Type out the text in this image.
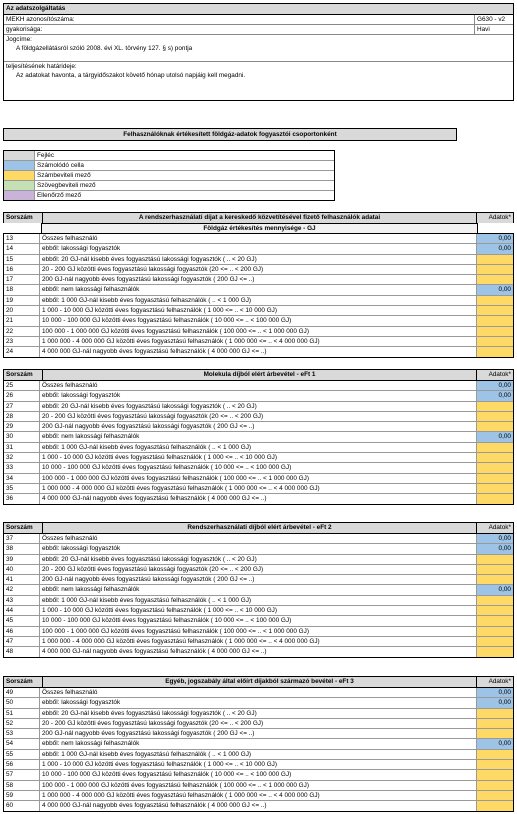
Az adatszolgáltatás
MEKH azonosítószáma:	G630 - v2
gyakorisága:	Havi
Jogcíme:
A földgázellátásról szóló 2008. évi XL. törvény 127. § s) pontja
teljesítésének határideje:
Az adatokat havonta, a tárgyidőszakot követő hónap utolsó napjáig kell megadni.
Felhasználóknak értékesített földgáz-adatok fogyasztói csoportonként
Fejléc
Számolódó cella
Számbeviteli mező
Szövegbeviteli mező
Ellenőrző mező
Sorszám	A rendszerhasználati díjat a kereskedő közvetítésével fizető felhasználók adatai	Adatok*
Földgáz értékesítés mennyisége - GJ
13	Összes felhasználó	0,00
14	ebből: lakossági fogyasztók	0,00
15	ebből: 20 GJ-nál kisebb éves fogyasztású lakossági fogyasztók ( .. < 20 GJ)
16	20 - 200 GJ közötti éves fogyasztású lakossági fogyasztók (20 <= .. < 200 GJ)
17	200 GJ-nál nagyobb éves fogyasztású lakossági fogyasztók ( 200 GJ <= ..)
18	ebből: nem lakossági felhasználók	0,00
19	ebből: 1 000 GJ-nál kisebb éves fogyasztású felhasználók ( .. < 1 000 GJ)
20	1 000 - 10 000 GJ közötti éves fogyasztású felhasználók ( 1 000 <= .. < 10 000 GJ)
21	10 000 - 100 000 GJ közötti éves fogyasztású felhasználók ( 10 000 <= .. < 100 000 GJ)
22	100 000 - 1 000 000 GJ közötti éves fogyasztású felhasználók ( 100 000 <= .. < 1 000 000 GJ)
23	1 000 000 - 4 000 000 GJ közötti éves fogyasztású felhasználók ( 1 000 000 <= .. < 4 000 000 GJ)
24	4 000 000 GJ-nál nagyobb éves fogyasztású felhasználók ( 4 000 000 GJ <= ..)
Sorszám	Molekula díjból elért árbevétel - eFt 1	Adatok*
25	Összes felhasználó	0,00
26	ebből: lakossági fogyasztók	0,00
27	ebből: 20 GJ-nál kisebb éves fogyasztású lakossági fogyasztók ( .. < 20 GJ)
28	20 - 200 GJ közötti éves fogyasztású lakossági fogyasztók (20 <= .. < 200 GJ)
29	200 GJ-nál nagyobb éves fogyasztású lakossági fogyasztók ( 200 GJ <= ..)
30	ebből: nem lakossági felhasználók	0,00
31	ebből: 1 000 GJ-nál kisebb éves fogyasztású felhasználók ( .. < 1 000 GJ)
32	1 000 - 10 000 GJ közötti éves fogyasztású felhasználók ( 1 000 <= .. < 10 000 GJ)
33	10 000 - 100 000 GJ közötti éves fogyasztású felhasználók ( 10 000 <= .. < 100 000 GJ)
34	100 000 - 1 000 000 GJ közötti éves fogyasztású felhasználók ( 100 000 <= .. < 1 000 000 GJ)
35	1 000 000 - 4 000 000 GJ közötti éves fogyasztású felhasználók ( 1 000 000 <= .. < 4 000 000 GJ)
36	4 000 000 GJ-nál nagyobb éves fogyasztású felhasználók ( 4 000 000 GJ <= ..)
Sorszám	Rendszerhasználati díjból elért árbevétel - eFt 2	Adatok*
37	Összes felhasználó	0,00
38	ebből: lakossági fogyasztók	0,00
39	ebből: 20 GJ-nál kisebb éves fogyasztású lakossági fogyasztók ( .. < 20 GJ)
40	20 - 200 GJ közötti éves fogyasztású lakossági fogyasztók (20 <= .. < 200 GJ)
41	200 GJ-nál nagyobb éves fogyasztású lakossági fogyasztók ( 200 GJ <= ..)
42	ebből: nem lakossági felhasználók	0,00
43	ebből: 1 000 GJ-nál kisebb éves fogyasztású felhasználók ( .. < 1 000 GJ)
44	1 000 - 10 000 GJ közötti éves fogyasztású felhasználók ( 1 000 <= .. < 10 000 GJ)
45	10 000 - 100 000 GJ közötti éves fogyasztású felhasználók ( 10 000 <= .. < 100 000 GJ)
46	100 000 - 1 000 000 GJ közötti éves fogyasztású felhasználók ( 100 000 <= .. < 1 000 000 GJ)
47	1 000 000 - 4 000 000 GJ közötti éves fogyasztású felhasználók ( 1 000 000 <= .. < 4 000 000 GJ)
48	4 000 000 GJ-nál nagyobb éves fogyasztású felhasználók ( 4 000 000 GJ <= ..)
Sorszám	Egyéb, jogszabály által előírt díjakból származó bevétel - eFt 3	Adatok*
49	Összes felhasználó	0,00
50	ebből: lakossági fogyasztók	0,00
51	ebből: 20 GJ-nál kisebb éves fogyasztású lakossági fogyasztók ( .. < 20 GJ)
52	20 - 200 GJ közötti éves fogyasztású lakossági fogyasztók (20 <= .. < 200 GJ)
53	200 GJ-nál nagyobb éves fogyasztású lakossági fogyasztók ( 200 GJ <= ..)
54	ebből: nem lakossági felhasználók	0,00
55	ebből: 1 000 GJ-nál kisebb éves fogyasztású felhasználók ( .. < 1 000 GJ)
56	1 000 - 10 000 GJ közötti éves fogyasztású felhasználók ( 1 000 <= .. < 10 000 GJ)
57	10 000 - 100 000 GJ közötti éves fogyasztású felhasználók ( 10 000 <= .. < 100 000 GJ)
58	100 000 - 1 000 000 GJ közötti éves fogyasztású felhasználók ( 100 000 <= .. < 1 000 000 GJ)
59	1 000 000 - 4 000 000 GJ közötti éves fogyasztású felhasználók ( 1 000 000 <= .. < 4 000 000 GJ)
60	4 000 000 GJ-nál nagyobb éves fogyasztású felhasználók ( 4 000 000 GJ <= ..)
